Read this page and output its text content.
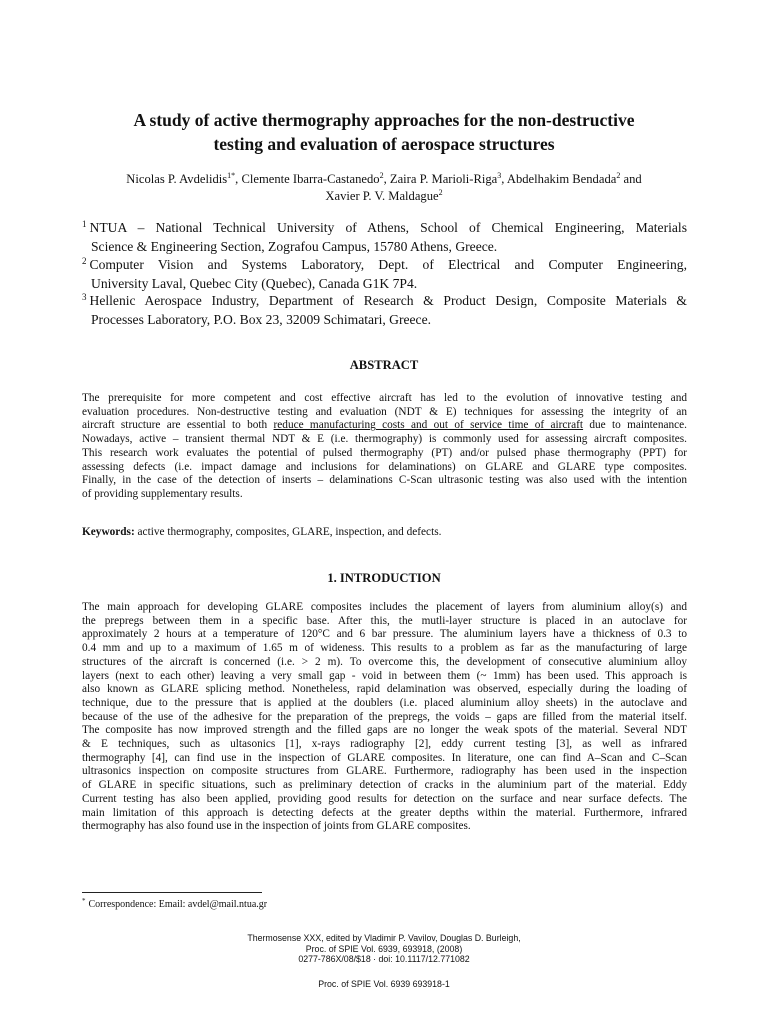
A study of active thermography approaches for the non-destructive
testing and evaluation of aerospace structures
Nicolas P. Avdelidis$^{1*}$, Clemente Ibarra-Castanedo$^2$, Zaira P. Marioli-Riga$^3$, Abdelhakim Bendada$^2$ and
Xavier P. V. Maldague$^2$
$^1$ NTUA – National Technical University of Athens, School of Chemical Engineering, Materials
Science & Engineering Section, Zografou Campus, 15780 Athens, Greece.
$^2$ Computer Vision and Systems Laboratory, Dept. of Electrical and Computer Engineering,
University Laval, Quebec City (Quebec), Canada G1K 7P4.
$^3$ Hellenic Aerospace Industry, Department of Research & Product Design, Composite Materials &
Processes Laboratory, P.O. Box 23, 32009 Schimatari, Greece.
ABSTRACT
The prerequisite for more competent and cost effective aircraft has led to the evolution of innovative testing and
evaluation procedures. Non-destructive testing and evaluation (NDT & E) techniques for assessing the integrity of an
aircraft structure are essential to both reduce manufacturing costs and out of service time of aircraft due to maintenance.
Nowadays, active – transient thermal NDT & E (i.e. thermography) is commonly used for assessing aircraft composites.
This research work evaluates the potential of pulsed thermography (PT) and/or pulsed phase thermography (PPT) for
assessing defects (i.e. impact damage and inclusions for delaminations) on GLARE and GLARE type composites.
Finally, in the case of the detection of inserts – delaminations C-Scan ultrasonic testing was also used with the intention
of providing supplementary results.
Keywords: active thermography, composites, GLARE, inspection, and defects.
1. INTRODUCTION
The main approach for developing GLARE composites includes the placement of layers from aluminium alloy(s) and
the prepregs between them in a specific base. After this, the mutli-layer structure is placed in an autoclave for
approximately 2 hours at a temperature of 120°C and 6 bar pressure. The aluminium layers have a thickness of 0.3 to
0.4 mm and up to a maximum of 1.65 m of wideness. This results to a problem as far as the manufacturing of large
structures of the aircraft is concerned (i.e. > 2 m). To overcome this, the development of consecutive aluminium alloy
layers (next to each other) leaving a very small gap - void in between them (~ 1mm) has been used. This approach is
also known as GLARE splicing method. Nonetheless, rapid delamination was observed, especially during the loading of
technique, due to the pressure that is applied at the doublers (i.e. placed aluminium alloy sheets) in the autoclave and
because of the use of the adhesive for the preparation of the prepregs, the voids – gaps are filled from the material itself.
The composite has now improved strength and the filled gaps are no longer the weak spots of the material. Several NDT
& E techniques, such as ultasonics [1], x-rays radiography [2], eddy current testing [3], as well as infrared
thermography [4], can find use in the inspection of GLARE composites. In literature, one can find A–Scan and C–Scan
ultrasonics inspection on composite structures from GLARE. Furthermore, radiography has been used in the inspection
of GLARE in specific situations, such as preliminary detection of cracks in the aluminium part of the material. Eddy
Current testing has also been applied, providing good results for detection on the surface and near surface defects. The
main limitation of this approach is detecting defects at the greater depths within the material. Furthermore, infrared
thermography has also found use in the inspection of joints from GLARE composites.
* Correspondence: Email: avdel@mail.ntua.gr
Thermosense XXX, edited by Vladimir P. Vavilov, Douglas D. Burleigh,
Proc. of SPIE Vol. 6939, 693918, (2008)
0277-786X/08/$18 · doi: 10.1117/12.771082
Proc. of SPIE Vol. 6939 693918-1
